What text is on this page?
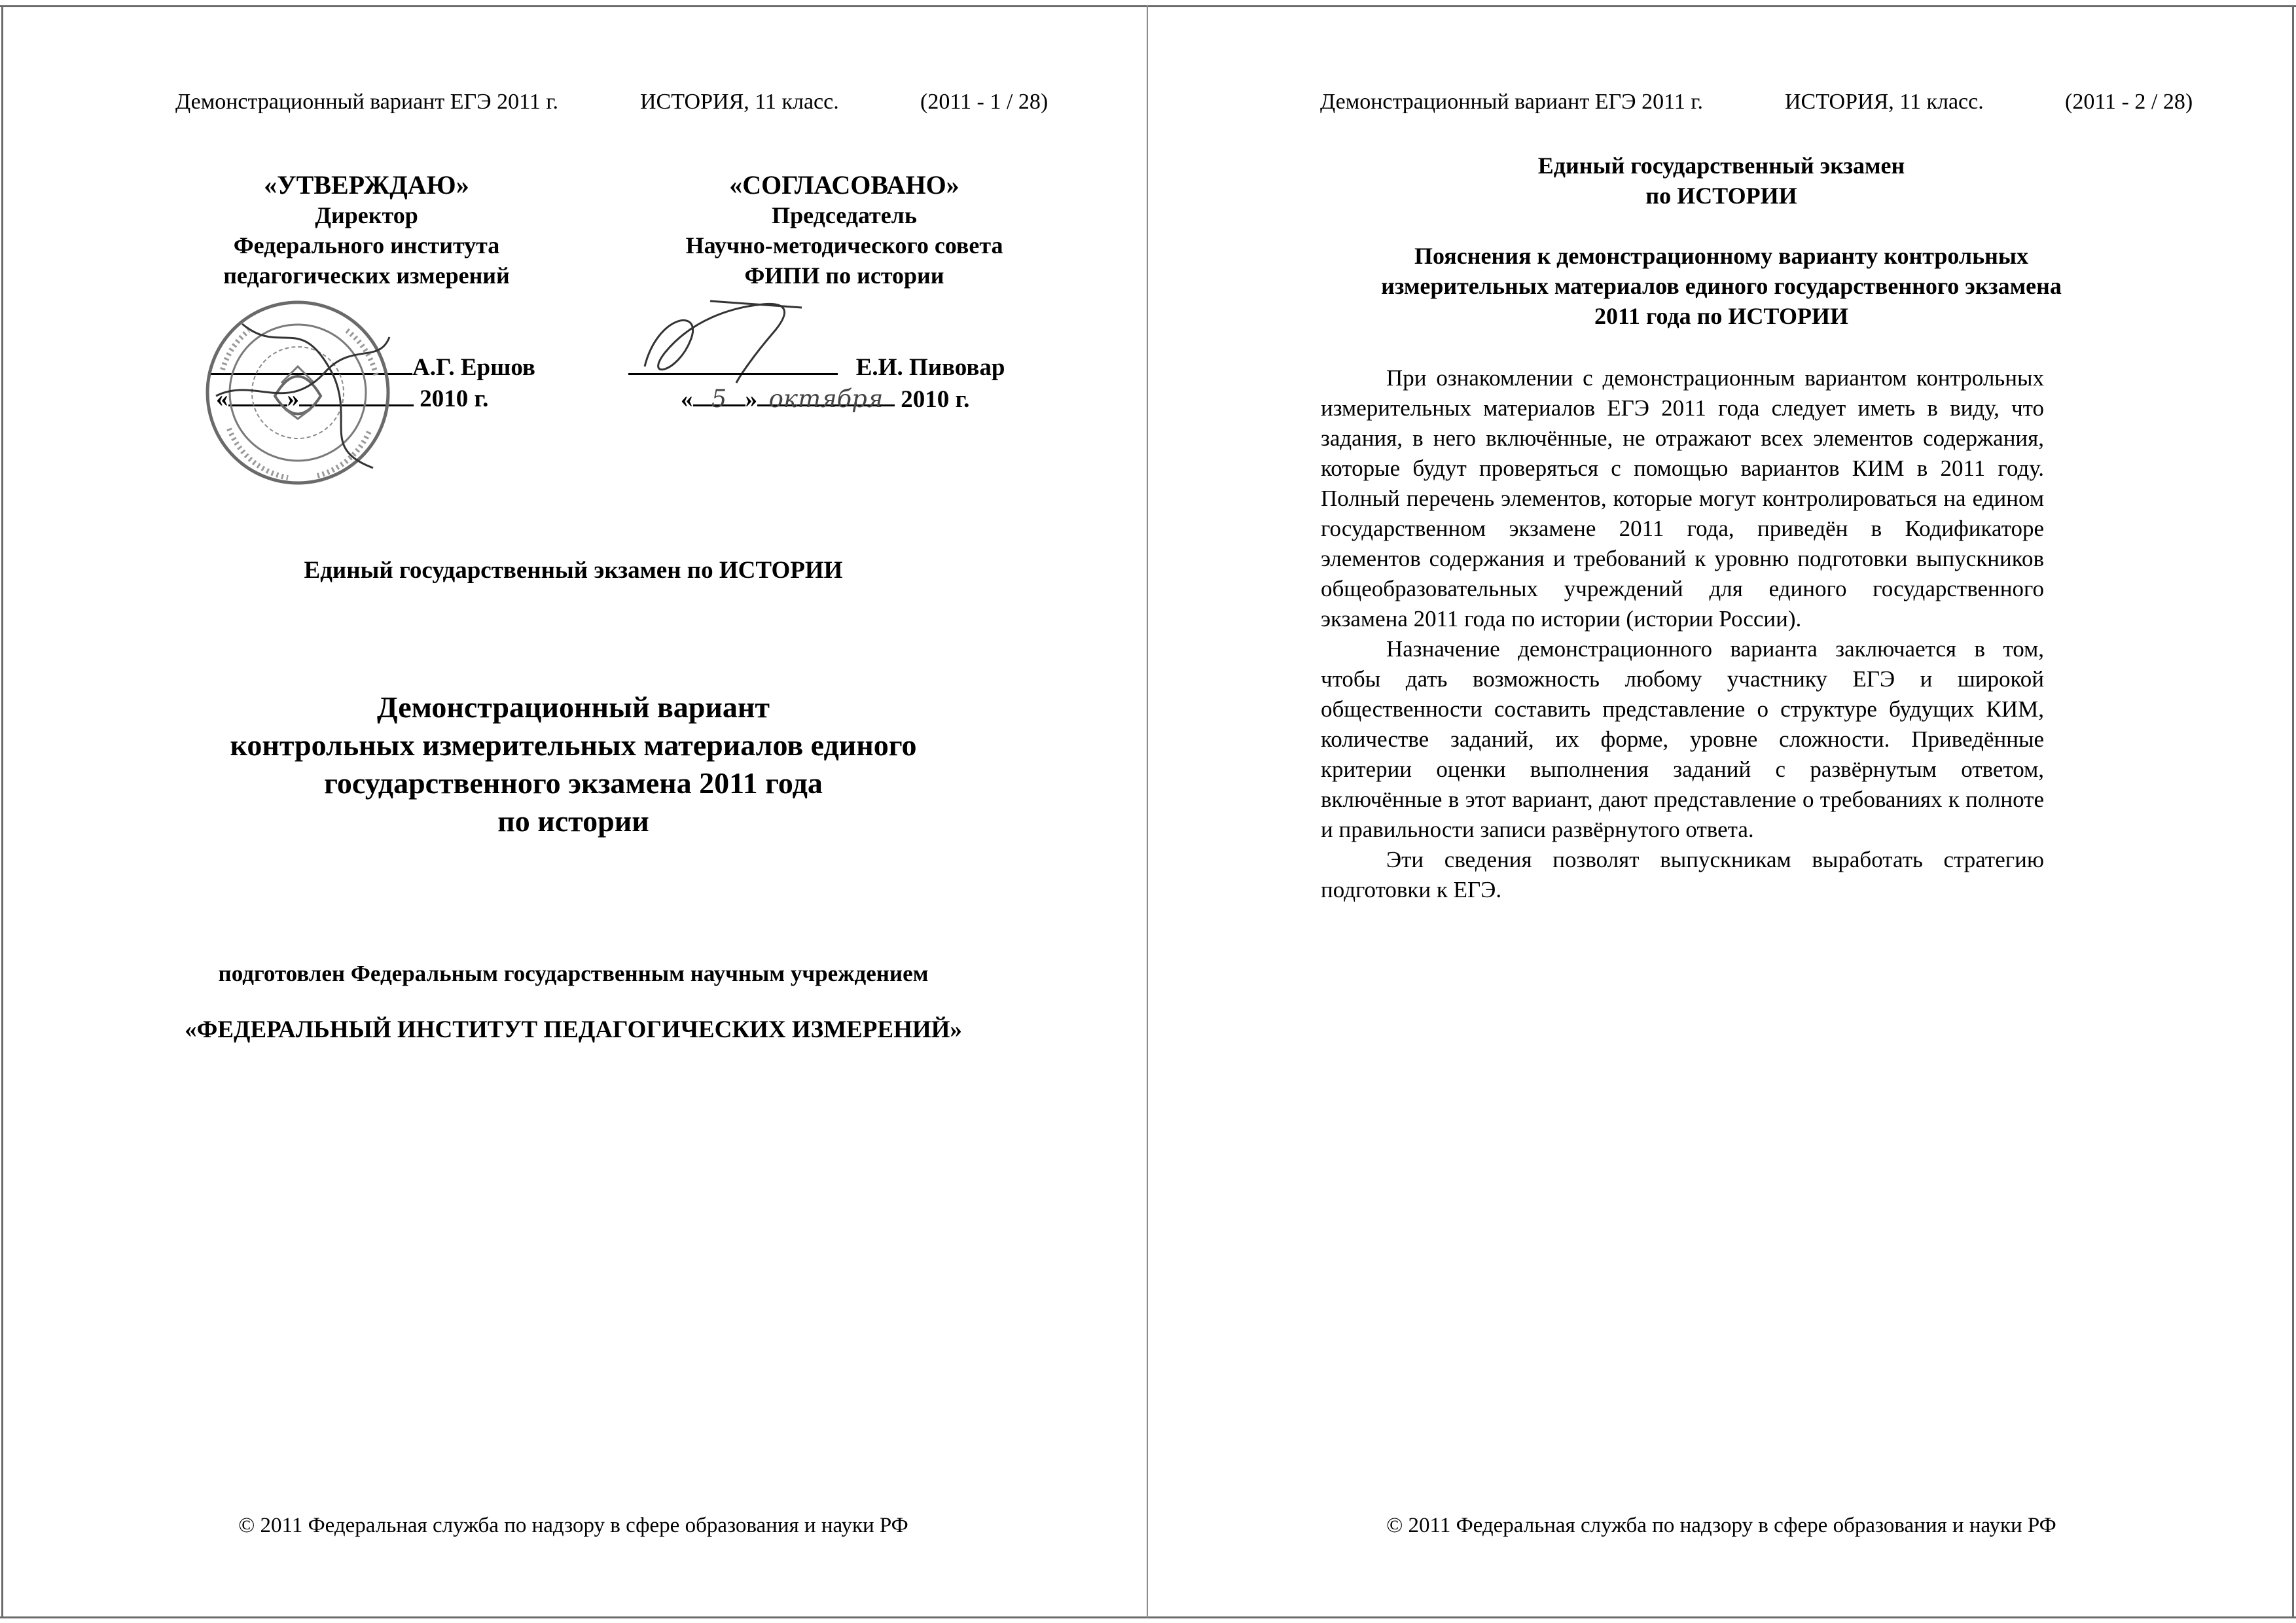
Демонстрационный вариант ЕГЭ 2011 г.	ИСТОРИЯ, 11 класс.	(2011 - 1 / 28)
«УТВЕРЖДАЮ»
Директор
Федерального института
педагогических измерений
«СОГЛАСОВАНО»
Председатель
Научно-методического совета
ФИПИ по истории
А.Г. Ершов
« »	2010 г.
Е.И. Пивовар
« 5 » октября 2010 г.
Единый государственный экзамен по ИСТОРИИ
Демонстрационный вариант
контрольных измерительных материалов единого
государственного экзамена 2011 года
по истории
подготовлен Федеральным государственным научным учреждением
«ФЕДЕРАЛЬНЫЙ ИНСТИТУТ ПЕДАГОГИЧЕСКИХ ИЗМЕРЕНИЙ»
© 2011 Федеральная служба по надзору в сфере образования и науки РФ
Демонстрационный вариант ЕГЭ 2011 г.	ИСТОРИЯ, 11 класс.	(2011 - 2 / 28)
Единый государственный экзамен
по ИСТОРИИ
Пояснения к демонстрационному варианту контрольных
измерительных материалов единого государственного экзамена
2011 года по ИСТОРИИ

При ознакомлении с демонстрационным вариантом контрольных измерительных материалов ЕГЭ 2011 года следует иметь в виду, что задания, в него включённые, не отражают всех элементов содержания, которые будут проверяться с помощью вариантов КИМ в 2011 году. Полный перечень элементов, которые могут контролироваться на едином государственном экзамене 2011 года, приведён в Кодификаторе элементов содержания и требований к уровню подготовки выпускников общеобразовательных учреждений для единого государственного экзамена 2011 года по истории (истории России).

Назначение демонстрационного варианта заключается в том, чтобы дать возможность любому участнику ЕГЭ и широкой общественности составить представление о структуре будущих КИМ, количестве заданий, их форме, уровне сложности. Приведённые критерии оценки выполнения заданий с развёрнутым ответом, включённые в этот вариант, дают представление о требованиях к полноте и правильности записи развёрнутого ответа.

Эти сведения позволят выпускникам выработать стратегию подготовки к ЕГЭ.

© 2011 Федеральная служба по надзору в сфере образования и науки РФ
